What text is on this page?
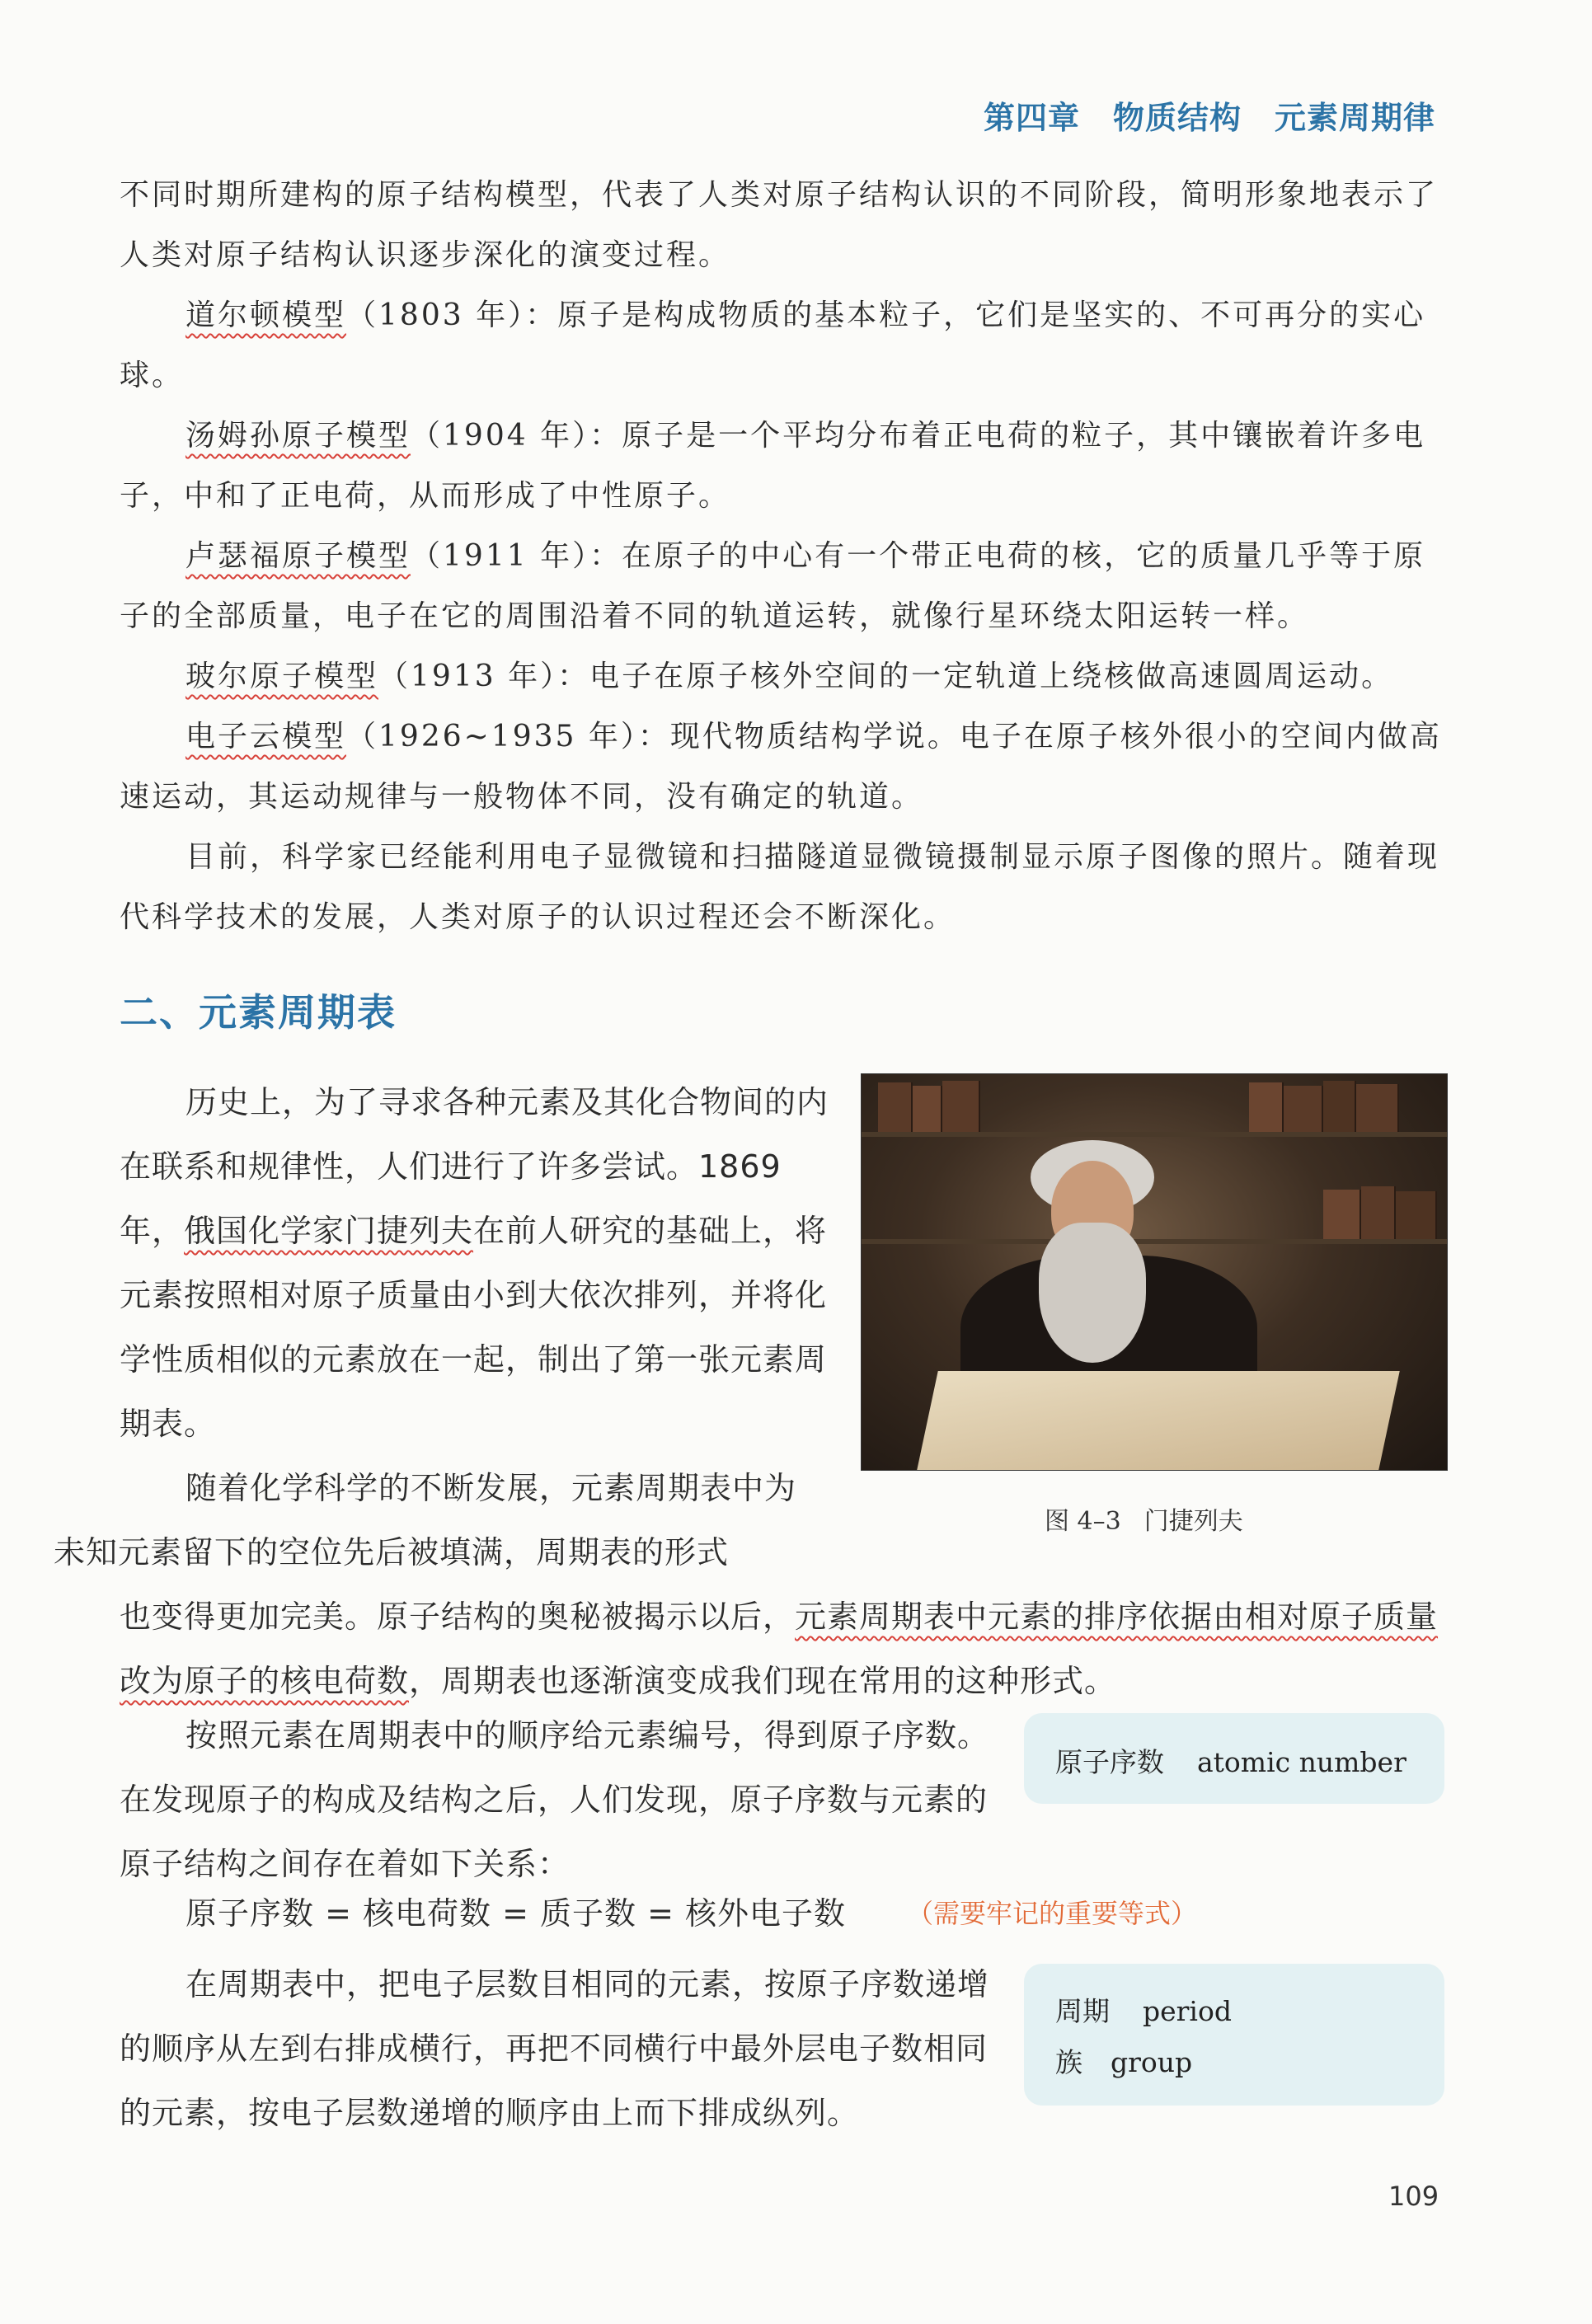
第四章 物质结构 元素周期律

不同时期所建构的原子结构模型，代表了人类对原子结构认识的不同阶段，简明形象地表示了人类对原子结构认识逐步深化的演变过程。

道尔顿模型（1803 年）：原子是构成物质的基本粒子，它们是坚实的、不可再分的实心球。

汤姆孙原子模型（1904 年）：原子是一个平均分布着正电荷的粒子，其中镶嵌着许多电子，中和了正电荷，从而形成了中性原子。

卢瑟福原子模型（1911 年）：在原子的中心有一个带正电荷的核，它的质量几乎等于原子的全部质量，电子在它的周围沿着不同的轨道运转，就像行星环绕太阳运转一样。

玻尔原子模型（1913 年）：电子在原子核外空间的一定轨道上绕核做高速圆周运动。

电子云模型（1926~1935 年）：现代物质结构学说。电子在原子核外很小的空间内做高速运动，其运动规律与一般物体不同，没有确定的轨道。

目前，科学家已经能利用电子显微镜和扫描隧道显微镜摄制显示原子图像的照片。随着现代科学技术的发展，人类对原子的认识过程还会不断深化。

二、元素周期表

历史上，为了寻求各种元素及其化合物间的内在联系和规律性，人们进行了许多尝试。1869年，俄国化学家门捷列夫在前人研究的基础上，将元素按照相对原子质量由小到大依次排列，并将化学性质相似的元素放在一起，制出了第一张元素周期表。

图 4–3 门捷列夫

随着化学科学的不断发展，元素周期表中为
未知元素留下的空位先后被填满，周期表的形式

也变得更加完美。原子结构的奥秘被揭示以后，元素周期表中元素的排序依据由相对原子质量改为原子的核电荷数，周期表也逐渐演变成我们现在常用的这种形式。

原子序数 atomic number

按照元素在周期表中的顺序给元素编号，得到原子序数。在发现原子的构成及结构之后，人们发现，原子序数与元素的原子结构之间存在着如下关系：

原子序数 = 核电荷数 = 质子数 = 核外电子数 （需要牢记的重要等式）
周期 period
族 group

在周期表中，把电子层数目相同的元素，按原子序数递增的顺序从左到右排成横行，再把不同横行中最外层电子数相同的元素，按电子层数递增的顺序由上而下排成纵列。

109
